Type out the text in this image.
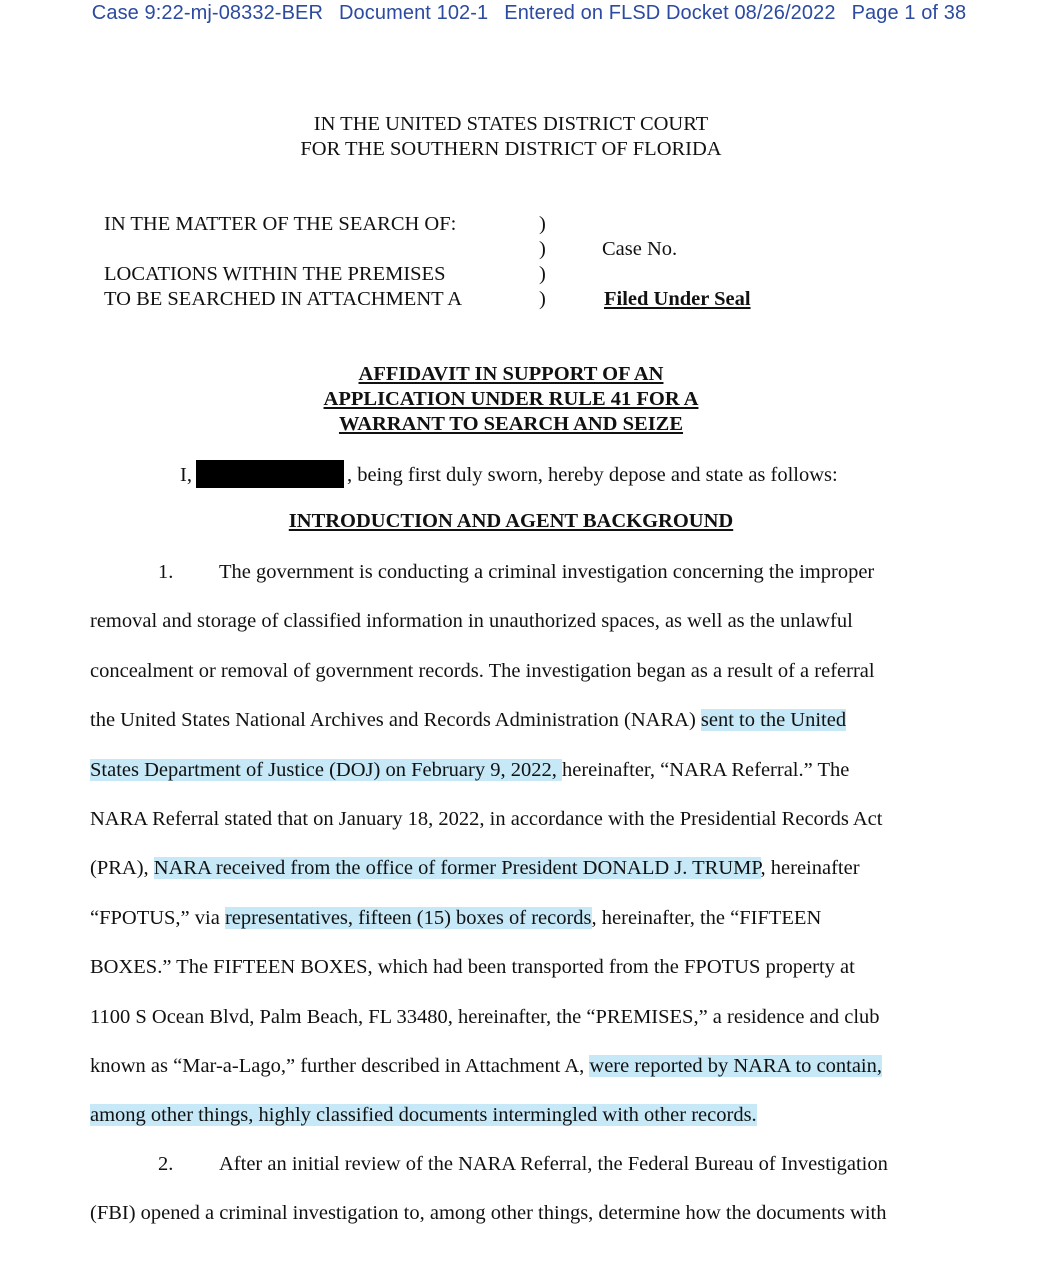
Case 9:22-mj-08332-BER Document 102-1 Entered on FLSD Docket 08/26/2022 Page 1 of 38
IN THE UNITED STATES DISTRICT COURT
FOR THE SOUTHERN DISTRICT OF FLORIDA
IN THE MATTER OF THE SEARCH OF:
LOCATIONS WITHIN THE PREMISES
TO BE SEARCHED IN ATTACHMENT A
)
)
)
)
Case No.
Filed Under Seal
AFFIDAVIT IN SUPPORT OF AN
APPLICATION UNDER RULE 41 FOR A
WARRANT TO SEARCH AND SEIZE
I,	, being first duly sworn, hereby depose and state as follows:
INTRODUCTION AND AGENT BACKGROUND
1. The government is conducting a criminal investigation concerning the improper
removal and storage of classified information in unauthorized spaces, as well as the unlawful
concealment or removal of government records. The investigation began as a result of a referral
the United States National Archives and Records Administration (NARA) sent to the United
States Department of Justice (DOJ) on February 9, 2022, hereinafter, “NARA Referral.” The
NARA Referral stated that on January 18, 2022, in accordance with the Presidential Records Act
(PRA), NARA received from the office of former President DONALD J. TRUMP, hereinafter
“FPOTUS,” via representatives, fifteen (15) boxes of records, hereinafter, the “FIFTEEN
BOXES.” The FIFTEEN BOXES, which had been transported from the FPOTUS property at
1100 S Ocean Blvd, Palm Beach, FL 33480, hereinafter, the “PREMISES,” a residence and club
known as “Mar-a-Lago,” further described in Attachment A, were reported by NARA to contain,
among other things, highly classified documents intermingled with other records.
2. After an initial review of the NARA Referral, the Federal Bureau of Investigation
(FBI) opened a criminal investigation to, among other things, determine how the documents with
